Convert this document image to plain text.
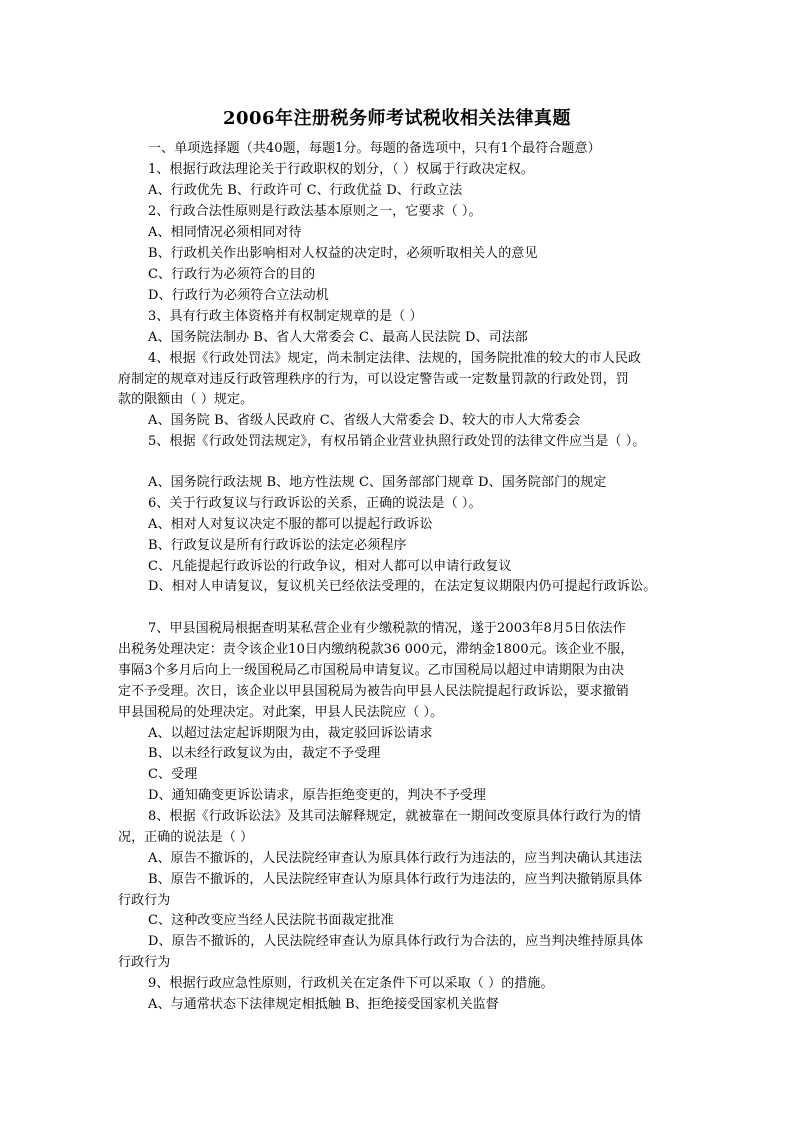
2006年注册税务师考试税收相关法律真题
一、单项选择题（共40题，每题1分。每题的备选项中，只有1个最符合题意）
1、根据行政法理论关于行政职权的划分，（ ）权属于行政决定权。
A、行政优先 B、行政许可 C、行政优益 D、行政立法
2、行政合法性原则是行政法基本原则之一，它要求（ ）。
A、相同情况必须相同对待
B、行政机关作出影响相对人权益的决定时，必须听取相关人的意见
C、行政行为必须符合的目的
D、行政行为必须符合立法动机
3、具有行政主体资格并有权制定规章的是（ ）
A、国务院法制办 B、省人大常委会 C、最高人民法院 D、司法部
4、根据《行政处罚法》规定，尚未制定法律、法规的，国务院批准的较大的市人民政
府制定的规章对违反行政管理秩序的行为，可以设定警告或一定数量罚款的行政处罚，罚
款的限额由（ ）规定。
A、国务院 B、省级人民政府 C、省级人大常委会 D、较大的市人大常委会
5、根据《行政处罚法规定》，有权吊销企业营业执照行政处罚的法律文件应当是（ ）。
A、国务院行政法规 B、地方性法规 C、国务部部门规章 D、国务院部门的规定
6、关于行政复议与行政诉讼的关系，正确的说法是（ ）。
A、相对人对复议决定不服的都可以提起行政诉讼
B、行政复议是所有行政诉讼的法定必须程序
C、凡能提起行政诉讼的行政争议，相对人都可以申请行政复议
D、相对人申请复议，复议机关已经依法受理的，在法定复议期限内仍可提起行政诉讼。
7、甲县国税局根据查明某私营企业有少缴税款的情况，遂于2003年8月5日依法作
出税务处理决定：责令该企业10日内缴纳税款36 000元，滞纳金1800元。该企业不服，
事隔3个多月后向上一级国税局乙市国税局申请复议。乙市国税局以超过申请期限为由决
定不予受理。次日，该企业以甲县国税局为被告向甲县人民法院提起行政诉讼，要求撤销
甲县国税局的处理决定。对此案，甲县人民法院应（ ）。
A、以超过法定起诉期限为由，裁定驳回诉讼请求
B、以未经行政复议为由，裁定不予受理
C、受理
D、通知确变更诉讼请求，原告拒绝变更的，判决不予受理
8、根据《行政诉讼法》及其司法解释规定，就被靠在一期间改变原具体行政行为的情
况，正确的说法是（ ）
A、原告不撤诉的，人民法院经审查认为原具体行政行为违法的，应当判决确认其违法
B、原告不撤诉的，人民法院经审查认为原具体行政行为违法的，应当判决撤销原具体
行政行为
C、这种改变应当经人民法院书面裁定批准
D、原告不撤诉的，人民法院经审查认为原具体行政行为合法的，应当判决维持原具体
行政行为
9、根据行政应急性原则，行政机关在定条件下可以采取（ ）的措施。
A、与通常状态下法律规定相抵触 B、拒绝接受国家机关监督
